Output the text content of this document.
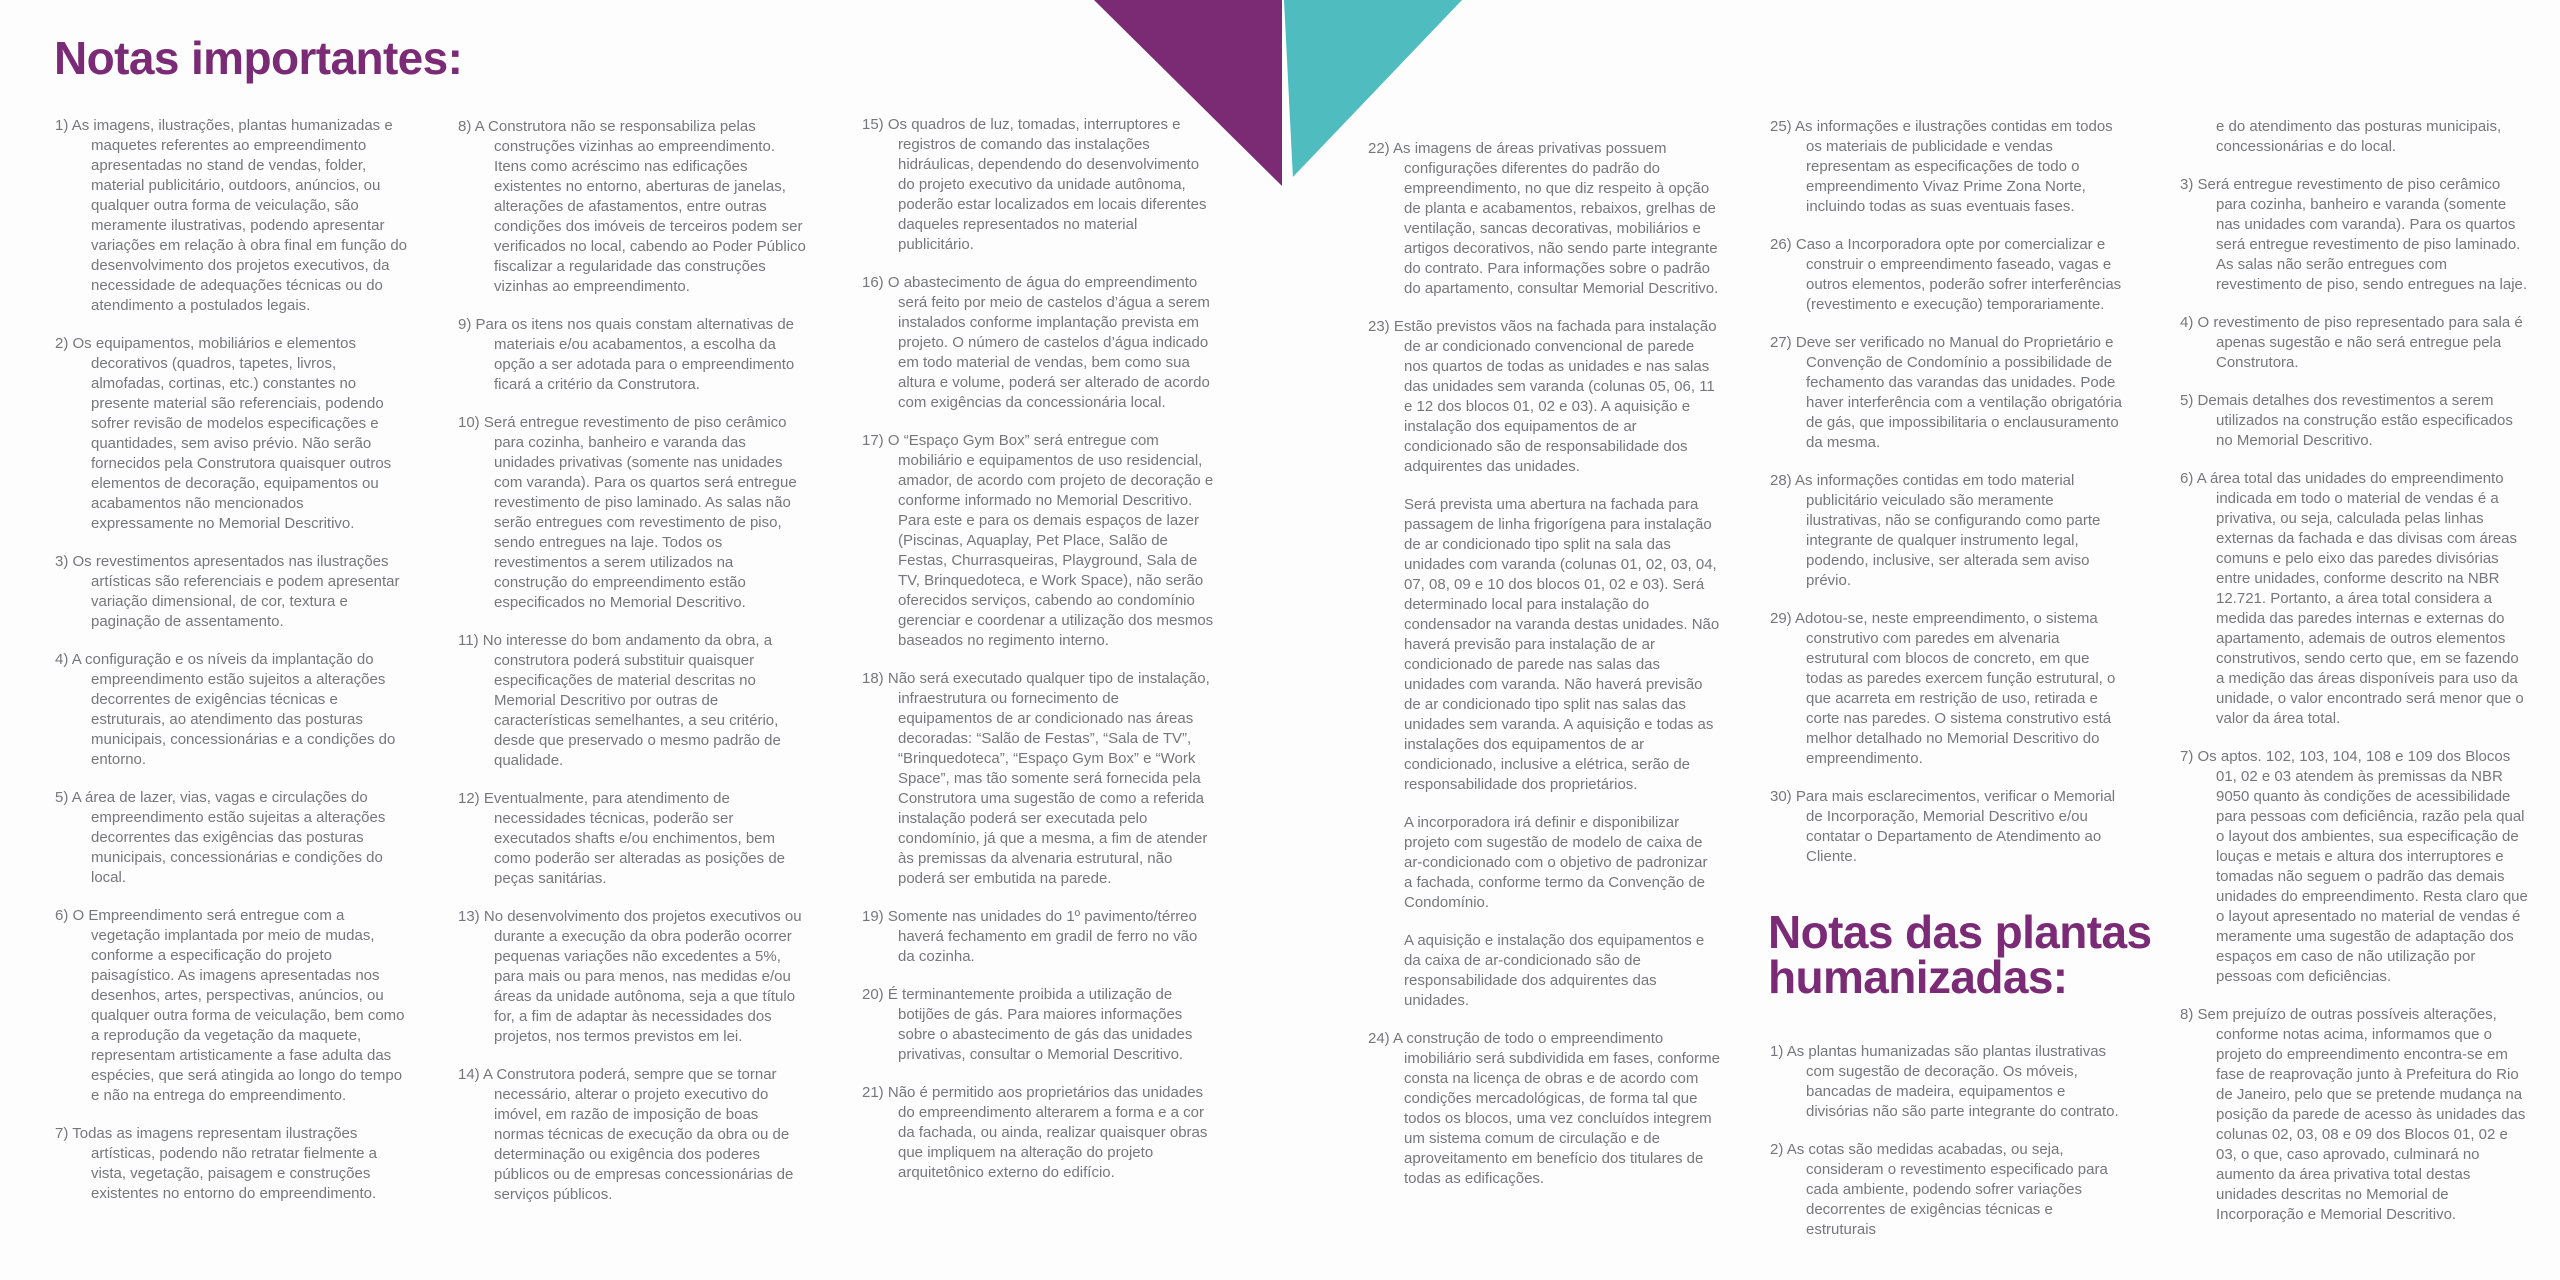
Notas importantes:
Notas das plantas
humanizadas:

1) As imagens, ilustrações, plantas humanizadas e maquetes referentes ao empreendimento apresentadas no stand de vendas, folder, material publicitário, outdoors, anúncios, ou qualquer outra forma de veiculação, são meramente ilustrativas, podendo apresentar variações em relação à obra final em função do desenvolvimento dos projetos executivos, da necessidade de adequações técnicas ou do atendimento a postulados legais.

2) Os equipamentos, mobiliários e elementos decorativos (quadros, tapetes, livros, almofadas, cortinas, etc.) constantes no presente material são referenciais, podendo sofrer revisão de modelos especificações e quantidades, sem aviso prévio. Não serão fornecidos pela Construtora quaisquer outros elementos de decoração, equipamentos ou acabamentos não mencionados expressamente no Memorial Descritivo.

3) Os revestimentos apresentados nas ilustrações artísticas são referenciais e podem apresentar variação dimensional, de cor, textura e paginação de assentamento.

4) A configuração e os níveis da implantação do empreendimento estão sujeitos a alterações decorrentes de exigências técnicas e estruturais, ao atendimento das posturas municipais, concessionárias e a condições do entorno.

5) A área de lazer, vias, vagas e circulações do empreendimento estão sujeitas a alterações decorrentes das exigências das posturas municipais, concessionárias e condições do local.

6) O Empreendimento será entregue com a vegetação implantada por meio de mudas, conforme a especificação do projeto paisagístico. As imagens apresentadas nos desenhos, artes, perspectivas, anúncios, ou qualquer outra forma de veiculação, bem como a reprodução da vegetação da maquete, representam artisticamente a fase adulta das espécies, que será atingida ao longo do tempo e não na entrega do empreendimento.

7) Todas as imagens representam ilustrações artísticas, podendo não retratar fielmente a vista, vegetação, paisagem e construções existentes no entorno do empreendimento.

8) A Construtora não se responsabiliza pelas construções vizinhas ao empreendimento. Itens como acréscimo nas edificações existentes no entorno, aberturas de janelas, alterações de afastamentos, entre outras condições dos imóveis de terceiros podem ser verificados no local, cabendo ao Poder Público fiscalizar a regularidade das construções vizinhas ao empreendimento.

9) Para os itens nos quais constam alternativas de materiais e/ou acabamentos, a escolha da opção a ser adotada para o empreendimento ficará a critério da Construtora.

10) Será entregue revestimento de piso cerâmico para cozinha, banheiro e varanda das unidades privativas (somente nas unidades com varanda). Para os quartos será entregue revestimento de piso laminado. As salas não serão entregues com revestimento de piso, sendo entregues na laje. Todos os revestimentos a serem utilizados na construção do empreendimento estão especificados no Memorial Descritivo.

11) No interesse do bom andamento da obra, a construtora poderá substituir quaisquer especificações de material descritas no Memorial Descritivo por outras de características semelhantes, a seu critério, desde que preservado o mesmo padrão de qualidade.

12) Eventualmente, para atendimento de necessidades técnicas, poderão ser executados shafts e/ou enchimentos, bem como poderão ser alteradas as posições de peças sanitárias.

13) No desenvolvimento dos projetos executivos ou durante a execução da obra poderão ocorrer pequenas variações não excedentes a 5%, para mais ou para menos, nas medidas e/ou áreas da unidade autônoma, seja a que título for, a fim de adaptar às necessidades dos projetos, nos termos previstos em lei.

14) A Construtora poderá, sempre que se tornar necessário, alterar o projeto executivo do imóvel, em razão de imposição de boas normas técnicas de execução da obra ou de determinação ou exigência dos poderes públicos ou de empresas concessionárias de serviços públicos.

15) Os quadros de luz, tomadas, interruptores e registros de comando das instalações hidráulicas, dependendo do desenvolvimento do projeto executivo da unidade autônoma, poderão estar localizados em locais diferentes daqueles representados no material publicitário.

16) O abastecimento de água do empreendimento será feito por meio de castelos d’água a serem instalados conforme implantação prevista em projeto. O número de castelos d’água indicado em todo material de vendas, bem como sua altura e volume, poderá ser alterado de acordo com exigências da concessionária local.

17) O “Espaço Gym Box” será entregue com mobiliário e equipamentos de uso residencial, amador, de acordo com projeto de decoração e conforme informado no Memorial Descritivo. Para este e para os demais espaços de lazer (Piscinas, Aquaplay, Pet Place, Salão de Festas, Churrasqueiras, Playground, Sala de TV, Brinquedoteca, e Work Space), não serão oferecidos serviços, cabendo ao condomínio gerenciar e coordenar a utilização dos mesmos baseados no regimento interno.

18) Não será executado qualquer tipo de instalação, infraestrutura ou fornecimento de equipamentos de ar condicionado nas áreas decoradas: “Salão de Festas”, “Sala de TV”, “Brinquedoteca”, “Espaço Gym Box” e “Work Space”, mas tão somente será fornecida pela Construtora uma sugestão de como a referida instalação poderá ser executada pelo condomínio, já que a mesma, a fim de atender às premissas da alvenaria estrutural, não poderá ser embutida na parede.

19) Somente nas unidades do 1º pavimento/térreo haverá fechamento em gradil de ferro no vão da cozinha.

20) É terminantemente proibida a utilização de botijões de gás. Para maiores informações sobre o abastecimento de gás das unidades privativas, consultar o Memorial Descritivo.

21) Não é permitido aos proprietários das unidades do empreendimento alterarem a forma e a cor da fachada, ou ainda, realizar quaisquer obras que impliquem na alteração do projeto arquitetônico externo do edifício.

22) As imagens de áreas privativas possuem configurações diferentes do padrão do empreendimento, no que diz respeito à opção de planta e acabamentos, rebaixos, grelhas de ventilação, sancas decorativas, mobiliários e artigos decorativos, não sendo parte integrante do contrato. Para informações sobre o padrão do apartamento, consultar Memorial Descritivo.

23) Estão previstos vãos na fachada para instalação de ar condicionado convencional de parede nos quartos de todas as unidades e nas salas das unidades sem varanda (colunas 05, 06, 11 e 12 dos blocos 01, 02 e 03). A aquisição e instalação dos equipamentos de ar condicionado são de responsabilidade dos adquirentes das unidades.

Será prevista uma abertura na fachada para passagem de linha frigorígena para instalação de ar condicionado tipo split na sala das unidades com varanda (colunas 01, 02, 03, 04, 07, 08, 09 e 10 dos blocos 01, 02 e 03). Será determinado local para instalação do condensador na varanda destas unidades. Não haverá previsão para instalação de ar condicionado de parede nas salas das unidades com varanda. Não haverá previsão de ar condicionado tipo split nas salas das unidades sem varanda. A aquisição e todas as instalações dos equipamentos de ar condicionado, inclusive a elétrica, serão de responsabilidade dos proprietários.

A incorporadora irá definir e disponibilizar projeto com sugestão de modelo de caixa de ar-condicionado com o objetivo de padronizar a fachada, conforme termo da Convenção de Condomínio.

A aquisição e instalação dos equipamentos e da caixa de ar-condicionado são de responsabilidade dos adquirentes das unidades.

24) A construção de todo o empreendimento imobiliário será subdividida em fases, conforme consta na licença de obras e de acordo com condições mercadológicas, de forma tal que todos os blocos, uma vez concluídos integrem um sistema comum de circulação e de aproveitamento em benefício dos titulares de todas as edificações.

25) As informações e ilustrações contidas em todos os materiais de publicidade e vendas representam as especificações de todo o empreendimento Vivaz Prime Zona Norte, incluindo todas as suas eventuais fases.

26) Caso a Incorporadora opte por comercializar e construir o empreendimento faseado, vagas e outros elementos, poderão sofrer interferências (revestimento e execução) temporariamente.

27) Deve ser verificado no Manual do Proprietário e Convenção de Condomínio a possibilidade de fechamento das varandas das unidades. Pode haver interferência com a ventilação obrigatória de gás, que impossibilitaria o enclausuramento da mesma.

28) As informações contidas em todo material publicitário veiculado são meramente ilustrativas, não se configurando como parte integrante de qualquer instrumento legal, podendo, inclusive, ser alterada sem aviso prévio.

29) Adotou-se, neste empreendimento, o sistema construtivo com paredes em alvenaria estrutural com blocos de concreto, em que todas as paredes exercem função estrutural, o que acarreta em restrição de uso, retirada e corte nas paredes. O sistema construtivo está melhor detalhado no Memorial Descritivo do empreendimento.

30) Para mais esclarecimentos, verificar o Memorial de Incorporação, Memorial Descritivo e/ou contatar o Departamento de Atendimento ao Cliente.

1) As plantas humanizadas são plantas ilustrativas com sugestão de decoração. Os móveis, bancadas de madeira, equipamentos e divisórias não são parte integrante do contrato.

2) As cotas são medidas acabadas, ou seja, consideram o revestimento especificado para cada ambiente, podendo sofrer variações decorrentes de exigências técnicas e estruturais

e do atendimento das posturas municipais, concessionárias e do local.

3) Será entregue revestimento de piso cerâmico para cozinha, banheiro e varanda (somente nas unidades com varanda). Para os quartos será entregue revestimento de piso laminado. As salas não serão entregues com revestimento de piso, sendo entregues na laje.

4) O revestimento de piso representado para sala é apenas sugestão e não será entregue pela Construtora.

5) Demais detalhes dos revestimentos a serem utilizados na construção estão especificados no Memorial Descritivo.

6) A área total das unidades do empreendimento indicada em todo o material de vendas é a privativa, ou seja, calculada pelas linhas externas da fachada e das divisas com áreas comuns e pelo eixo das paredes divisórias entre unidades, conforme descrito na NBR 12.721. Portanto, a área total considera a medida das paredes internas e externas do apartamento, ademais de outros elementos construtivos, sendo certo que, em se fazendo a medição das áreas disponíveis para uso da unidade, o valor encontrado será menor que o valor da área total.

7) Os aptos. 102, 103, 104, 108 e 109 dos Blocos 01, 02 e 03 atendem às premissas da NBR 9050 quanto às condições de acessibilidade para pessoas com deficiência, razão pela qual o layout dos ambientes, sua especificação de louças e metais e altura dos interruptores e tomadas não seguem o padrão das demais unidades do empreendimento. Resta claro que o layout apresentado no material de vendas é meramente uma sugestão de adaptação dos espaços em caso de não utilização por pessoas com deficiências.

8) Sem prejuízo de outras possíveis alterações, conforme notas acima, informamos que o projeto do empreendimento encontra-se em fase de reaprovação junto à Prefeitura do Rio de Janeiro, pelo que se pretende mudança na posição da parede de acesso às unidades das colunas 02, 03, 08 e 09 dos Blocos 01, 02 e 03, o que, caso aprovado, culminará no aumento da área privativa total destas unidades descritas no Memorial de Incorporação e Memorial Descritivo.
